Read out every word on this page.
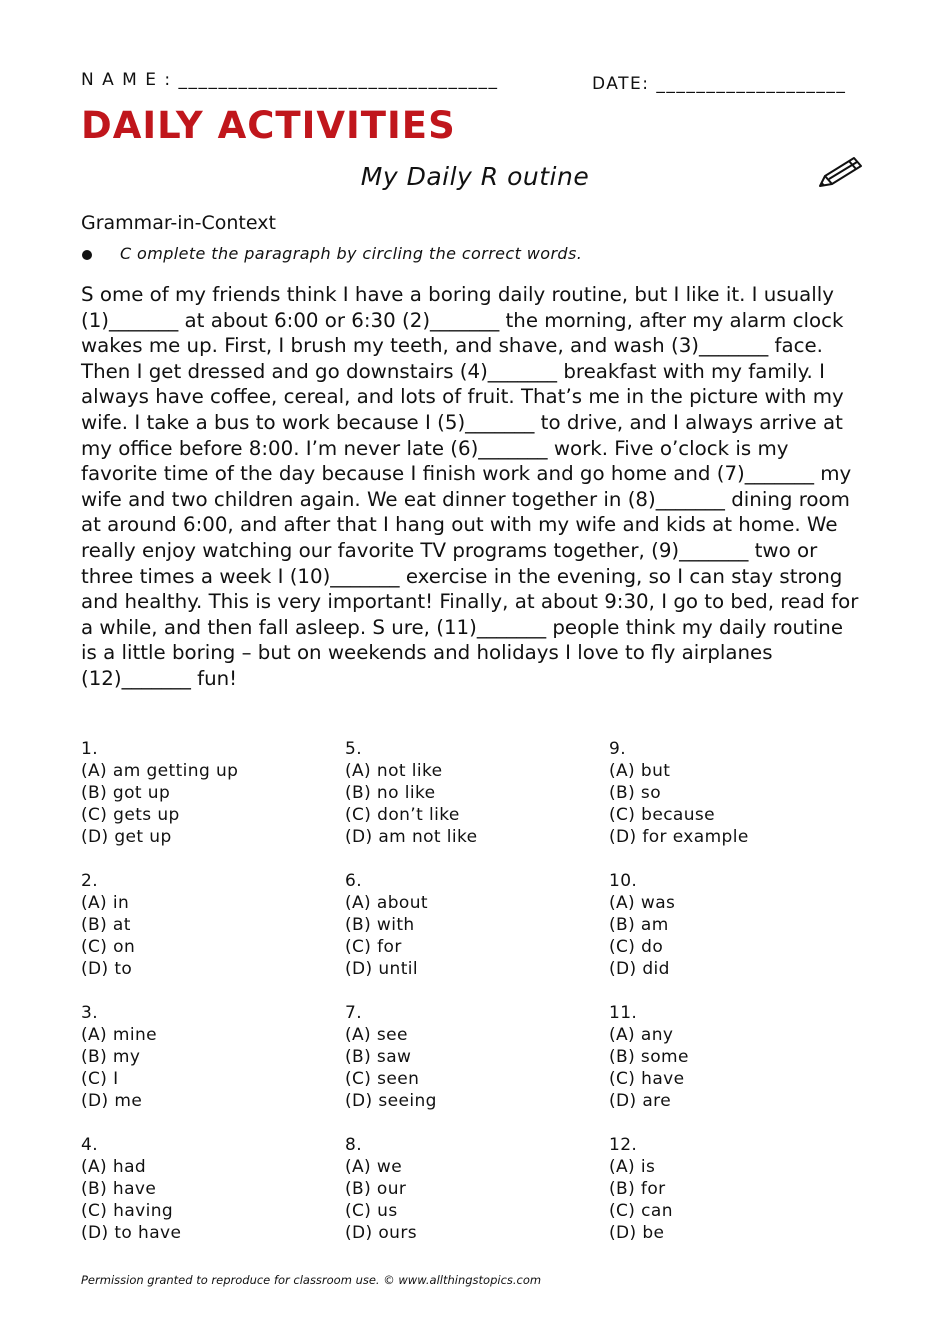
N A M E : ________________________________	DATE: ___________________
DAILY ACTIVITIES
My Daily R outine
Grammar-in-Context
C omplete the paragraph by circling the correct words.
S ome of my friends think I have a boring daily routine, but I like it. I usually
(1)_______ at about 6:00 or 6:30 (2)_______ the morning, after my alarm clock
wakes me up. First, I brush my teeth, and shave, and wash (3)_______ face.
Then I get dressed and go downstairs (4)_______ breakfast with my family. I
always have coffee, cereal, and lots of fruit. That’s me in the picture with my
wife. I take a bus to work because I (5)_______ to drive, and I always arrive at
my office before 8:00. I’m never late (6)_______ work. Five o’clock is my
favorite time of the day because I finish work and go home and (7)_______ my
wife and two children again. We eat dinner together in (8)_______ dining room
at around 6:00, and after that I hang out with my wife and kids at home. We
really enjoy watching our favorite TV programs together, (9)_______ two or
three times a week I (10)_______ exercise in the evening, so I can stay strong
and healthy. This is very important! Finally, at about 9:30, I go to bed, read for
a while, and then fall asleep. S ure, (11)_______ people think my daily routine
is a little boring – but on weekends and holidays I love to fly airplanes
(12)_______ fun!
1.
(A) am getting up
(B) got up
(C) gets up
(D) get up
2.
(A) in
(B) at
(C) on
(D) to
3.
(A) mine
(B) my
(C) I
(D) me
4.
(A) had
(B) have
(C) having
(D) to have
5.
(A) not like
(B) no like
(C) don’t like
(D) am not like
6.
(A) about
(B) with
(C) for
(D) until
7.
(A) see
(B) saw
(C) seen
(D) seeing
8.
(A) we
(B) our
(C) us
(D) ours
9.
(A) but
(B) so
(C) because
(D) for example
10.
(A) was
(B) am
(C) do
(D) did
11.
(A) any
(B) some
(C) have
(D) are
12.
(A) is
(B) for
(C) can
(D) be
Permission granted to reproduce for classroom use. © www.allthingstopics.com
